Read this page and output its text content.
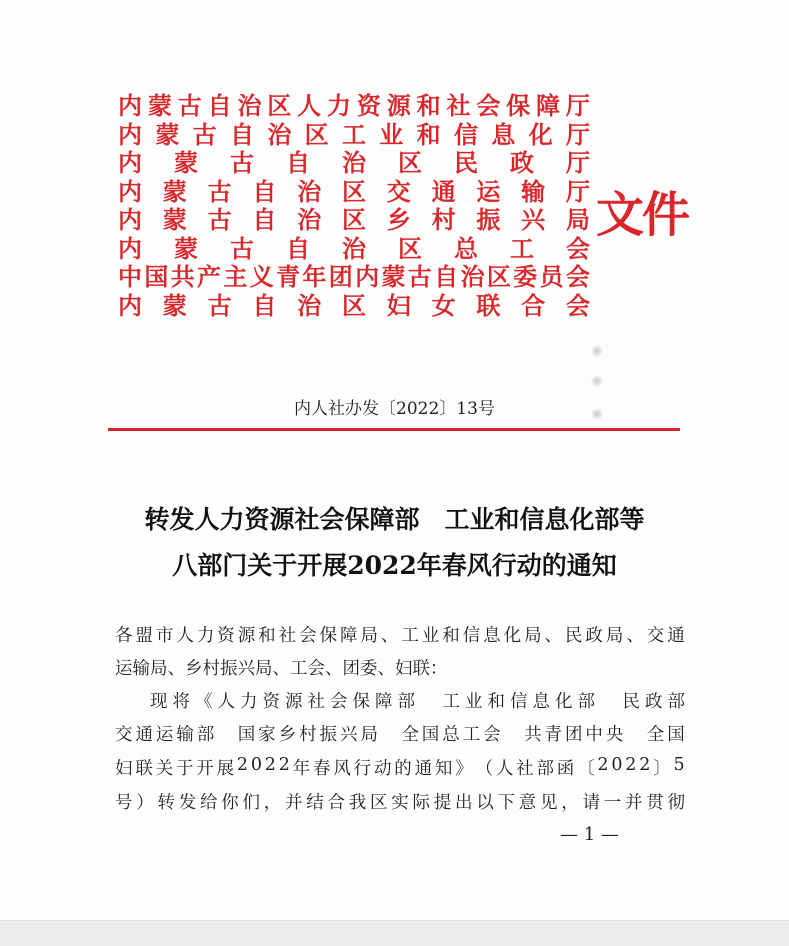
内 蒙 古 自 治 区 人 力 资 源 和 社 会 保 障 厅
内 蒙 古 自 治 区 工 业 和 信 息 化 厅
内 蒙 古 自 治 区 民 政 厅
内 蒙 古 自 治 区 交 通 运 输 厅
内 蒙 古 自 治 区 乡 村 振 兴 局
内 蒙 古 自 治 区 总 工 会
中 国 共 产 主 义 青 年 团 内 蒙 古 自 治 区 委 员 会
内 蒙 古 自 治 区 妇 女 联 合 会
文件
内人社办发〔2022〕13号
转发人力资源社会保障部　工业和信息化部等
八部门关于开展2022年春风行动的通知
各 盟 市 人 力 资 源 和 社 会 保 障 局 、 工 业 和 信 息 化 局 、 民 政 局 、 交 通
运输局、乡村振兴局、工会、团委、妇联：
现 将 《 人 力 资 源 社 会 保 障 部
　 工 业 和 信 息 化 部
　 民 政 部
交 通 运 输 部
　 国 家 乡 村 振 兴 局
　 全 国 总 工 会
　 共 青 团 中 央
　 全 国
妇 联 关 于 开 展 2 0 2 2 年 春 风 行 动 的 通 知 》 （ 人 社 部 函 〔 2 0 2 2 〕 5
号 ） 转 发 给 你 们 ， 并 结 合 我 区 实 际 提 出 以 下 意 见 ， 请 一 并 贯 彻
— 1 —
